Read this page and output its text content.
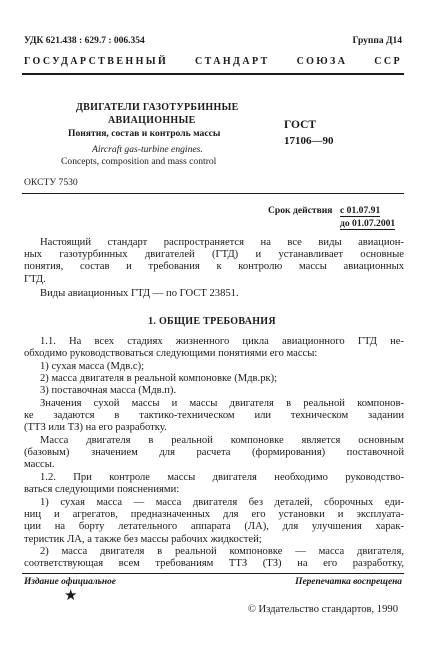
УДК 621.438 : 629.7 : 006.354	Группа Д14
ГОСУДАРСТВЕННЫЙ СТАНДАРТ СОЮЗА ССР
ДВИГАТЕЛИ ГАЗОТУРБИННЫЕ
АВИАЦИОННЫЕ
Понятия, состав и контроль массы
Aircraft gas-turbine engines.
Concepts, composition and mass control
ГОСТ
17106—90
ОКСТУ 7530
Срок действия с 01.07.91
до 01.07.2001
Настоящий стандарт распространяется на все виды авиацион-
ных газотурбинных двигателей (ГТД) и устанавливает основные
понятия, состав и требования к контролю массы авиационных
ГТД.
Виды авиационных ГТД — по ГОСТ 23851.
1. ОБЩИЕ ТРЕБОВАНИЯ
1.1. На всех стадиях жизненного цикла авиационного ГТД не-
обходимо руководствоваться следующими понятиями его массы:
1) сухая масса (Mдв.с);
2) масса двигателя в реальной компоновке (Mдв.рк);
3) поставочная масса (Mдв.п).
Значения сухой массы и массы двигателя в реальной компонов-
ке задаются в тактико-техническом или техническом задании
(ТТЗ или ТЗ) на его разработку.
Масса двигателя в реальной компоновке является основным
(базовым) значением для расчета (формирования) поставочной
массы.
1.2. При контроле массы двигателя необходимо руководство-
ваться следующими пояснениями:
1) сухая масса — масса двигателя без деталей, сборочных еди-
ниц и агрегатов, предназначенных для его установки и эксплуата-
ции на борту летательного аппарата (ЛА), для улучшения харак-
теристик ЛА, а также без массы рабочих жидкостей;
2) масса двигателя в реальной компоновке — масса двигателя,
соответствующая всем требованиям ТТЗ (ТЗ) на его разработку,
Издание официальное	Перепечатка воспрещена
★
© Издательство стандартов, 1990
